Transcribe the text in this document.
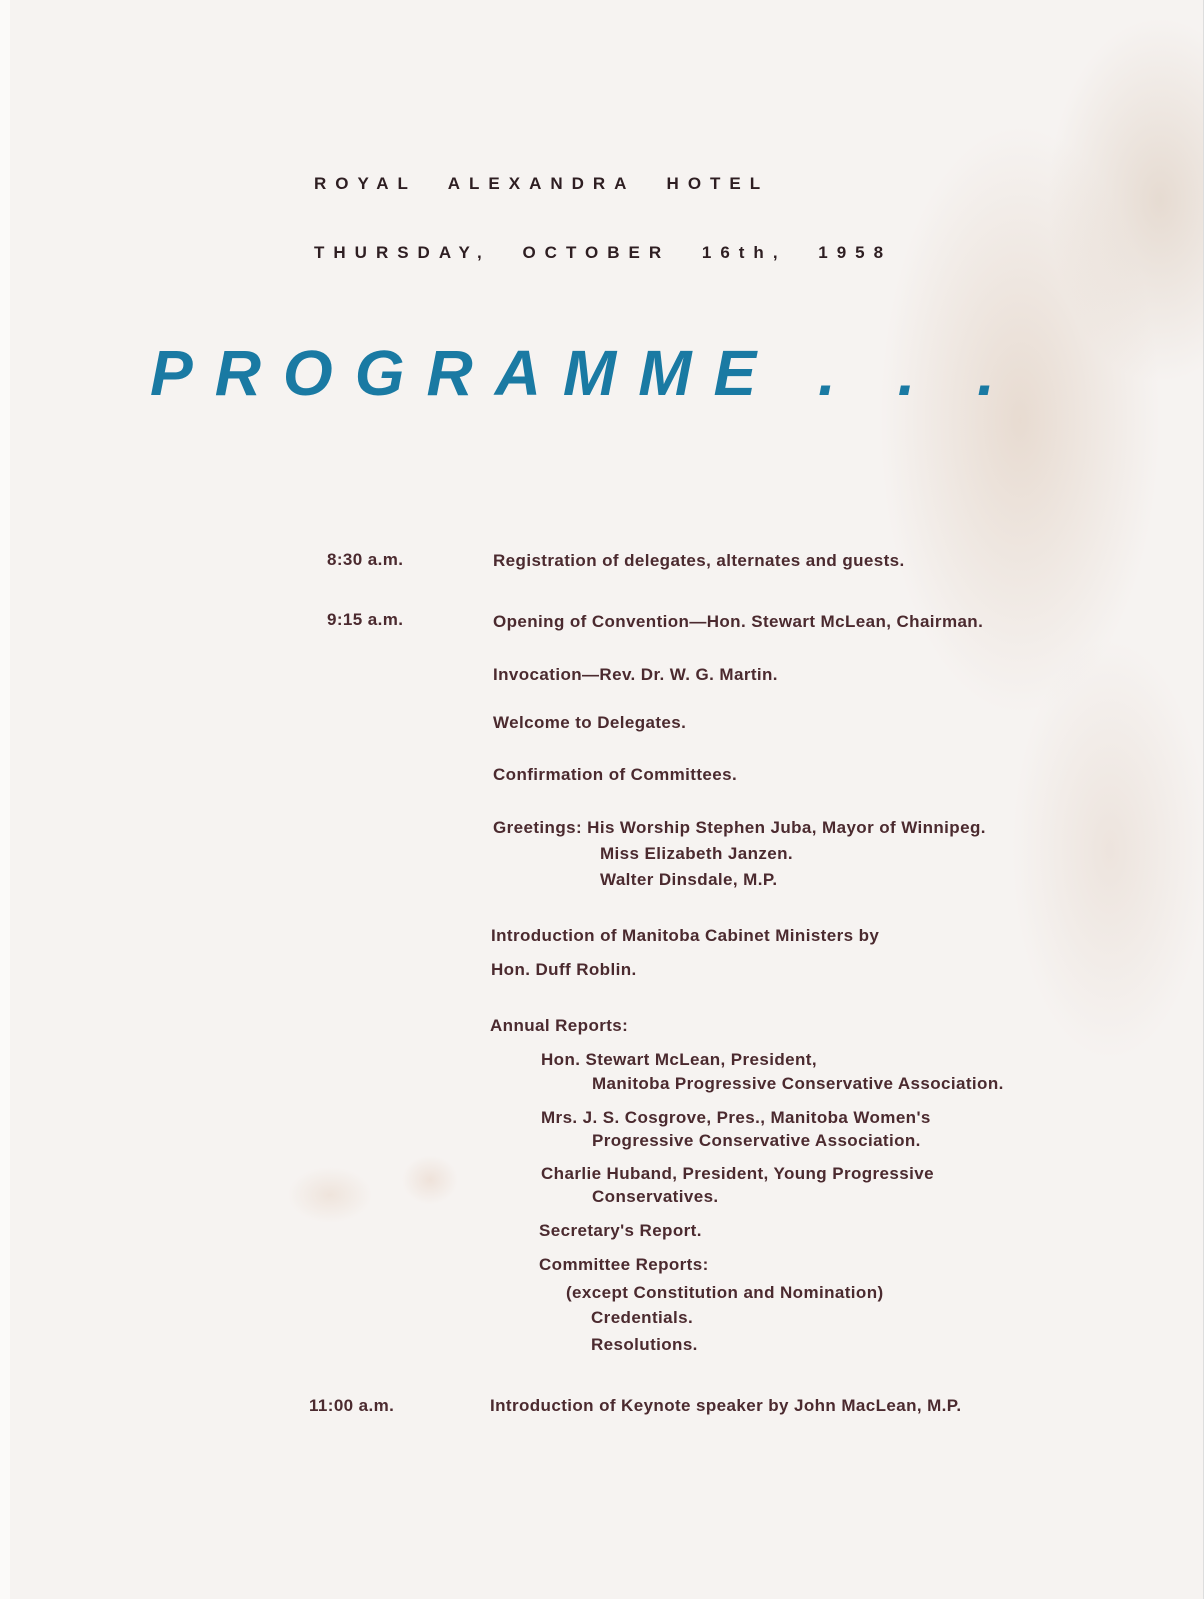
ROYAL ALEXANDRA HOTEL
THURSDAY, OCTOBER 16th, 1958
PROGRAMME . . .
8:30 a.m.	Registration of delegates, alternates and guests.
9:15 a.m.	Opening of Convention—Hon. Stewart McLean, Chairman.
Invocation—Rev. Dr. W. G. Martin.
Welcome to Delegates.
Confirmation of Committees.
Greetings: His Worship Stephen Juba, Mayor of Winnipeg.
Miss Elizabeth Janzen.
Walter Dinsdale, M.P.
Introduction of Manitoba Cabinet Ministers by
Hon. Duff Roblin.
Annual Reports:
Hon. Stewart McLean, President,
Manitoba Progressive Conservative Association.
Mrs. J. S. Cosgrove, Pres., Manitoba Women's
Progressive Conservative Association.
Charlie Huband, President, Young Progressive
Conservatives.
Secretary's Report.
Committee Reports:
(except Constitution and Nomination)
Credentials.
Resolutions.
11:00 a.m.	Introduction of Keynote speaker by John MacLean, M.P.
